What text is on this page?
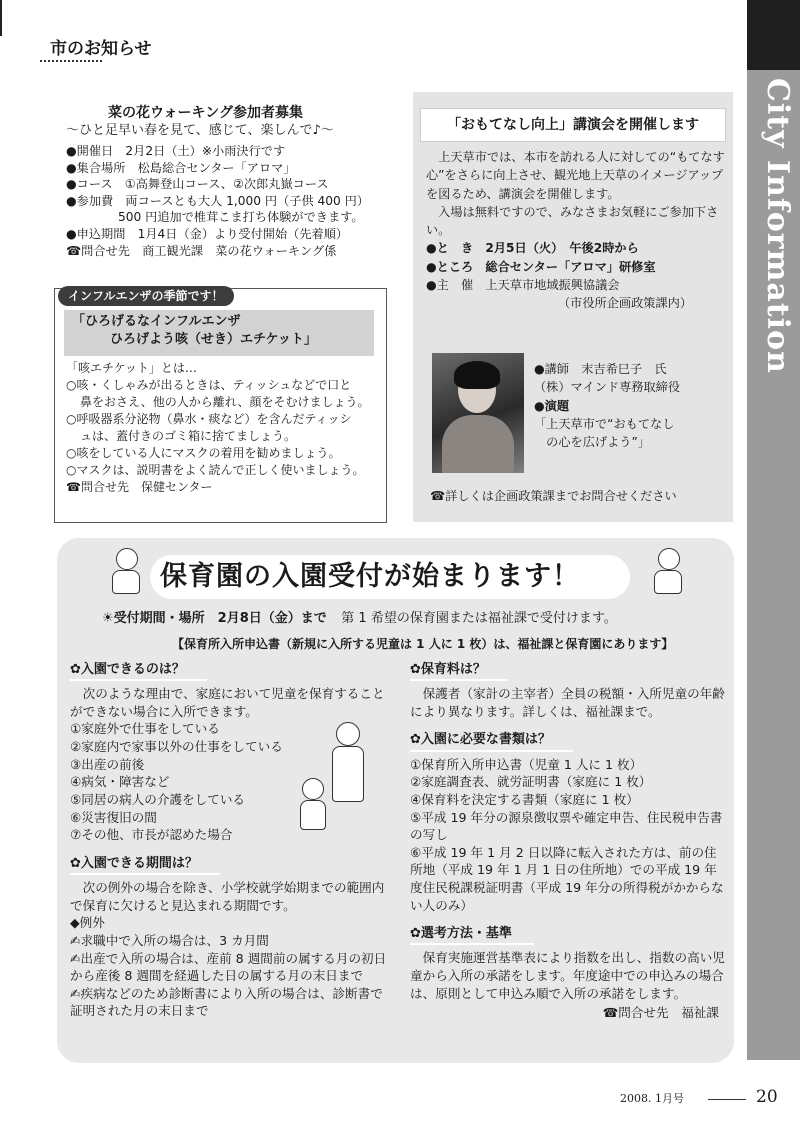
市のお知らせ
City Information
菜の花ウォーキング参加者募集
〜ひと足早い春を見て、感じて、楽しんで♪〜
●開催日　2月2日（土）※小雨決行です
●集合場所　松島総合センター「アロマ」
●コース　①高舞登山コース、②次郎丸嶽コース
●参加費　両コースとも大人 1,000 円（子供 400 円）
500 円追加で椎茸こま打ち体験ができます。
●申込期間　1月4日（金）より受付開始（先着順）
☎問合せ先　商工観光課　菜の花ウォーキング係
インフルエンザの季節です！
「ひろげるなインフルエンザ
ひろげよう咳（せき）エチケット」
「咳エチケット」とは…
○咳・くしゃみが出るときは、ティッシュなどで口と
鼻をおさえ、他の人から離れ、顔をそむけましょう。
○呼吸器系分泌物（鼻水・痰など）を含んだティッシ
ュは、蓋付きのゴミ箱に捨てましょう。
○咳をしている人にマスクの着用を勧めましょう。
○マスクは、説明書をよく読んで正しく使いましょう。
☎問合せ先　保健センター
「おもてなし向上」講演会を開催します
　上天草市では、本市を訪れる人に対しての“もてなす心”をさらに向上させ、観光地上天草のイメージアップを図るため、講演会を開催します。
　入場は無料ですので、みなさまお気軽にご参加下さい。
●と　き　2月5日（火）　午後2時から
●ところ　総合センター「アロマ」研修室
●主　催　上天草市地域振興協議会
（市役所企画政策課内）
●講師　末吉希巳子　氏
（株）マインド専務取締役
●演題
「上天草市で“おもてなし
　の心を広げよう”」
☎詳しくは企画政策課までお問合せください
保育園の入園受付が始まります！
☀受付期間・場所　2月8日（金）まで 第 1 希望の保育園または福祉課で受付けます。
【保育所入所申込書（新規に入所する児童は 1 人に 1 枚）は、福祉課と保育園にあります】
✿入園できるのは？
　次のような理由で、家庭において児童を保育することができない場合に入所できます。
①家庭外で仕事をしている
②家庭内で家事以外の仕事をしている
③出産の前後
④病気・障害など
⑤同居の病人の介護をしている
⑥災害復旧の間
⑦その他、市長が認めた場合
✿入園できる期間は？
　次の例外の場合を除き、小学校就学始期までの範囲内で保育に欠けると見込まれる期間です。
◆例外
✍求職中で入所の場合は、3 カ月間
✍出産で入所の場合は、産前 8 週間前の属する月の初日から産後 8 週間を経過した日の属する月の末日まで
✍疾病などのため診断書により入所の場合は、診断書で証明された月の末日まで
✿保育料は？
　保護者（家計の主宰者）全員の税額・入所児童の年齢により異なります。詳しくは、福祉課まで。
✿入園に必要な書類は？
①保育所入所申込書（児童 1 人に 1 枚）
②家庭調査表、就労証明書（家庭に 1 枚）
④保育料を決定する書類（家庭に 1 枚）
⑤平成 19 年分の源泉徴収票や確定申告、住民税申告書の写し
⑥平成 19 年 1 月 2 日以降に転入された方は、前の住所地（平成 19 年 1 月 1 日の住所地）での平成 19 年度住民税課税証明書（平成 19 年分の所得税がかからない人のみ）
✿選考方法・基準
　保育実施運営基準表により指数を出し、指数の高い児童から入所の承諾をします。年度途中での申込みの場合は、原則として申込み順で入所の承諾をします。
☎問合せ先　福祉課
2008. 1月号	20
